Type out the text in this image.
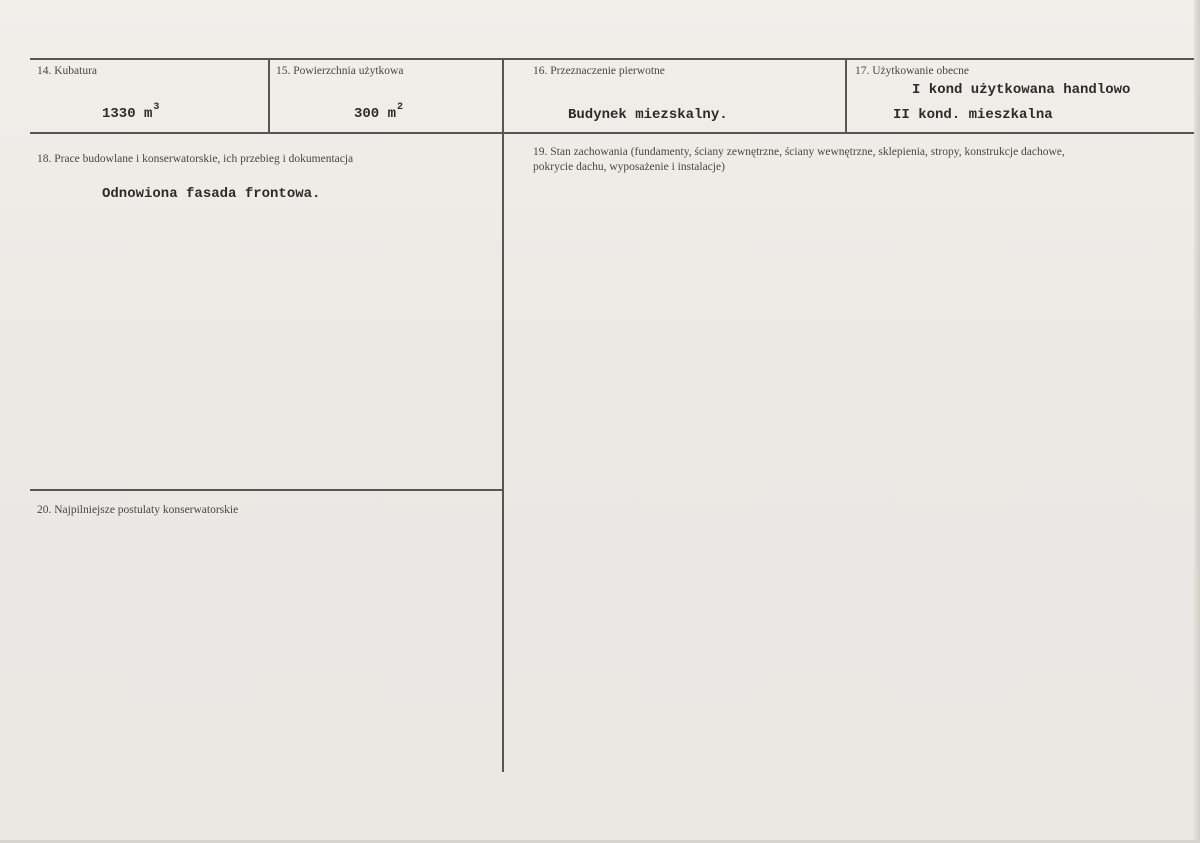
14. Kubatura
1330 $m^3$
15. Powierzchnia użytkowa
300 $m^2$
16. Przeznaczenie pierwotne
Budynek miezskalny.
17. Użytkowanie obecne
I kond użytkowana handlowo
II kond. mieszkalna
18. Prace budowlane i konserwatorskie, ich przebieg i dokumentacja
Odnowiona fasada frontowa.
19. Stan zachowania (fundamenty, ściany zewnętrzne, ściany wewnętrzne, sklepienia, stropy, konstrukcje dachowe, pokrycie dachu, wyposażenie i instalacje)
20. Najpilniejsze postulaty konserwatorskie
